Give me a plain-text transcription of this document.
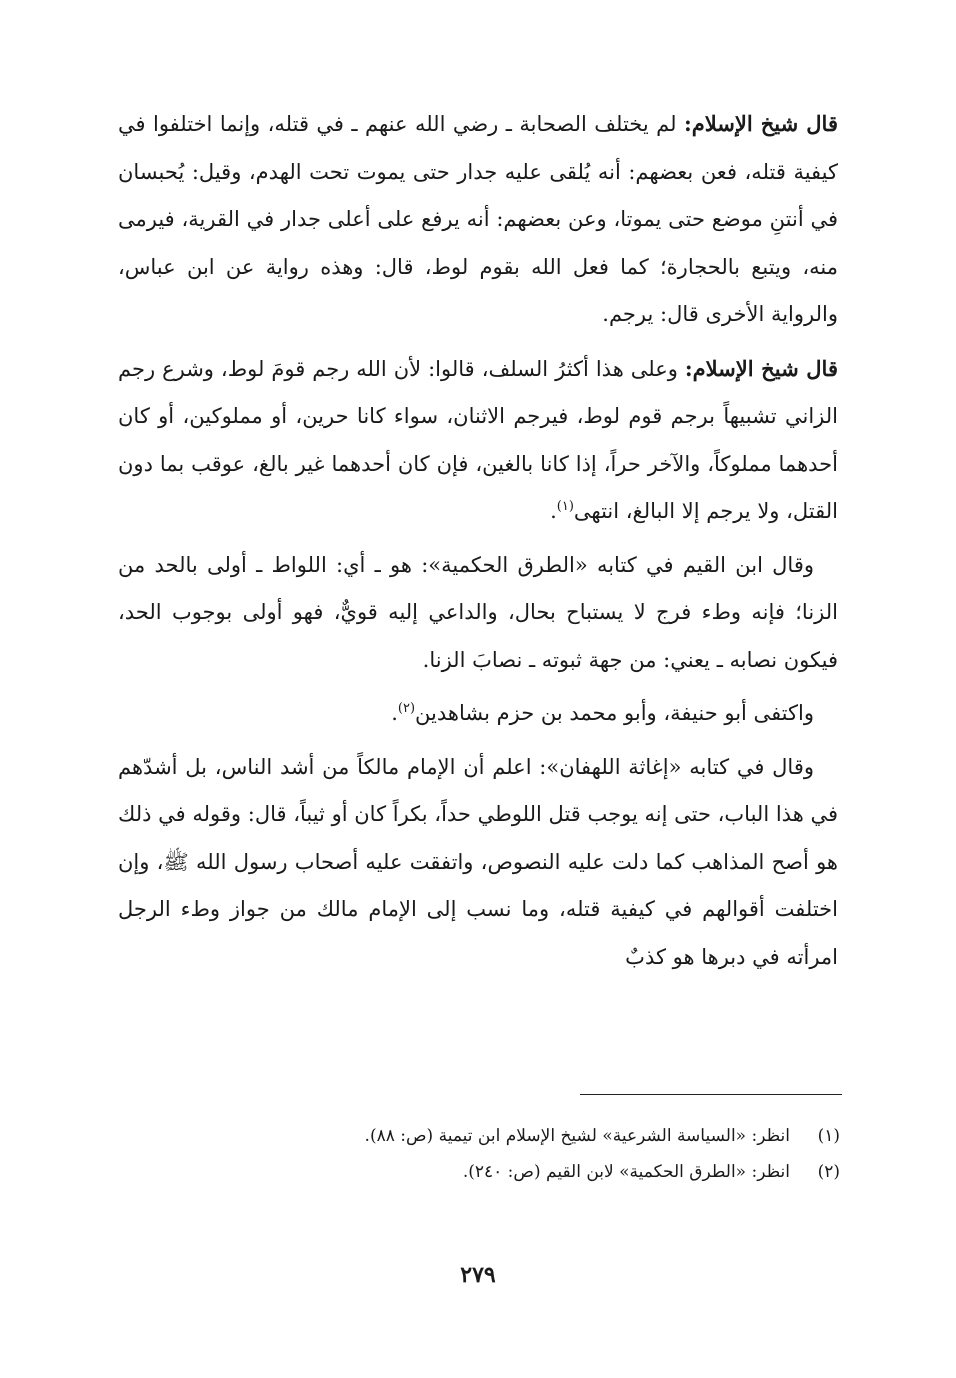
قال شيخ الإسلام: لم يختلف الصحابة ـ رضي الله عنهم ـ في قتله، وإنما اختلفوا في كيفية قتله، فعن بعضهم: أنه يُلقى عليه جدار حتى يموت تحت الهدم، وقيل: يُحبسان في أنتنِ موضع حتى يموتا، وعن بعضهم: أنه يرفع على أعلى جدار في القرية، فيرمى منه، ويتبع بالحجارة؛ كما فعل الله بقوم لوط، قال: وهذه رواية عن ابن عباس، والرواية الأخرى قال: يرجم.

قال شيخ الإسلام: وعلى هذا أكثرُ السلف، قالوا: لأن الله رجم قومَ لوط، وشرع رجم الزاني تشبيهاً برجم قوم لوط، فيرجم الاثنان، سواء كانا حرين، أو مملوكين، أو كان أحدهما مملوكاً، والآخر حراً، إذا كانا بالغين، فإن كان أحدهما غير بالغ، عوقب بما دون القتل، ولا يرجم إلا البالغ، انتهى$^{(١)}$.

وقال ابن القيم في كتابه «الطرق الحكمية»: هو ـ أي: اللواط ـ أولى بالحد من الزنا؛ فإنه وطء فرج لا يستباح بحال، والداعي إليه قويٌّ، فهو أولى بوجوب الحد، فيكون نصابه ـ يعني: من جهة ثبوته ـ نصابَ الزنا.

واكتفى أبو حنيفة، وأبو محمد بن حزم بشاهدين$^{(٢)}$.

وقال في كتابه «إغاثة اللهفان»: اعلم أن الإمام مالكاً من أشد الناس، بل أشدّهم في هذا الباب، حتى إنه يوجب قتل اللوطي حداً، بكراً كان أو ثيباً، قال: وقوله في ذلك هو أصح المذاهب كما دلت عليه النصوص، واتفقت عليه أصحاب رسول الله ﷺ، وإن اختلفت أقوالهم في كيفية قتله، وما نسب إلى الإمام مالك من جواز وطء الرجل امرأته في دبرها هو كذبٌ

(١)انظر: «السياسة الشرعية» لشيخ الإسلام ابن تيمية (ص: ٨٨).

(٢)انظر: «الطرق الحكمية» لابن القيم (ص: ٢٤٠).

٢٧٩
